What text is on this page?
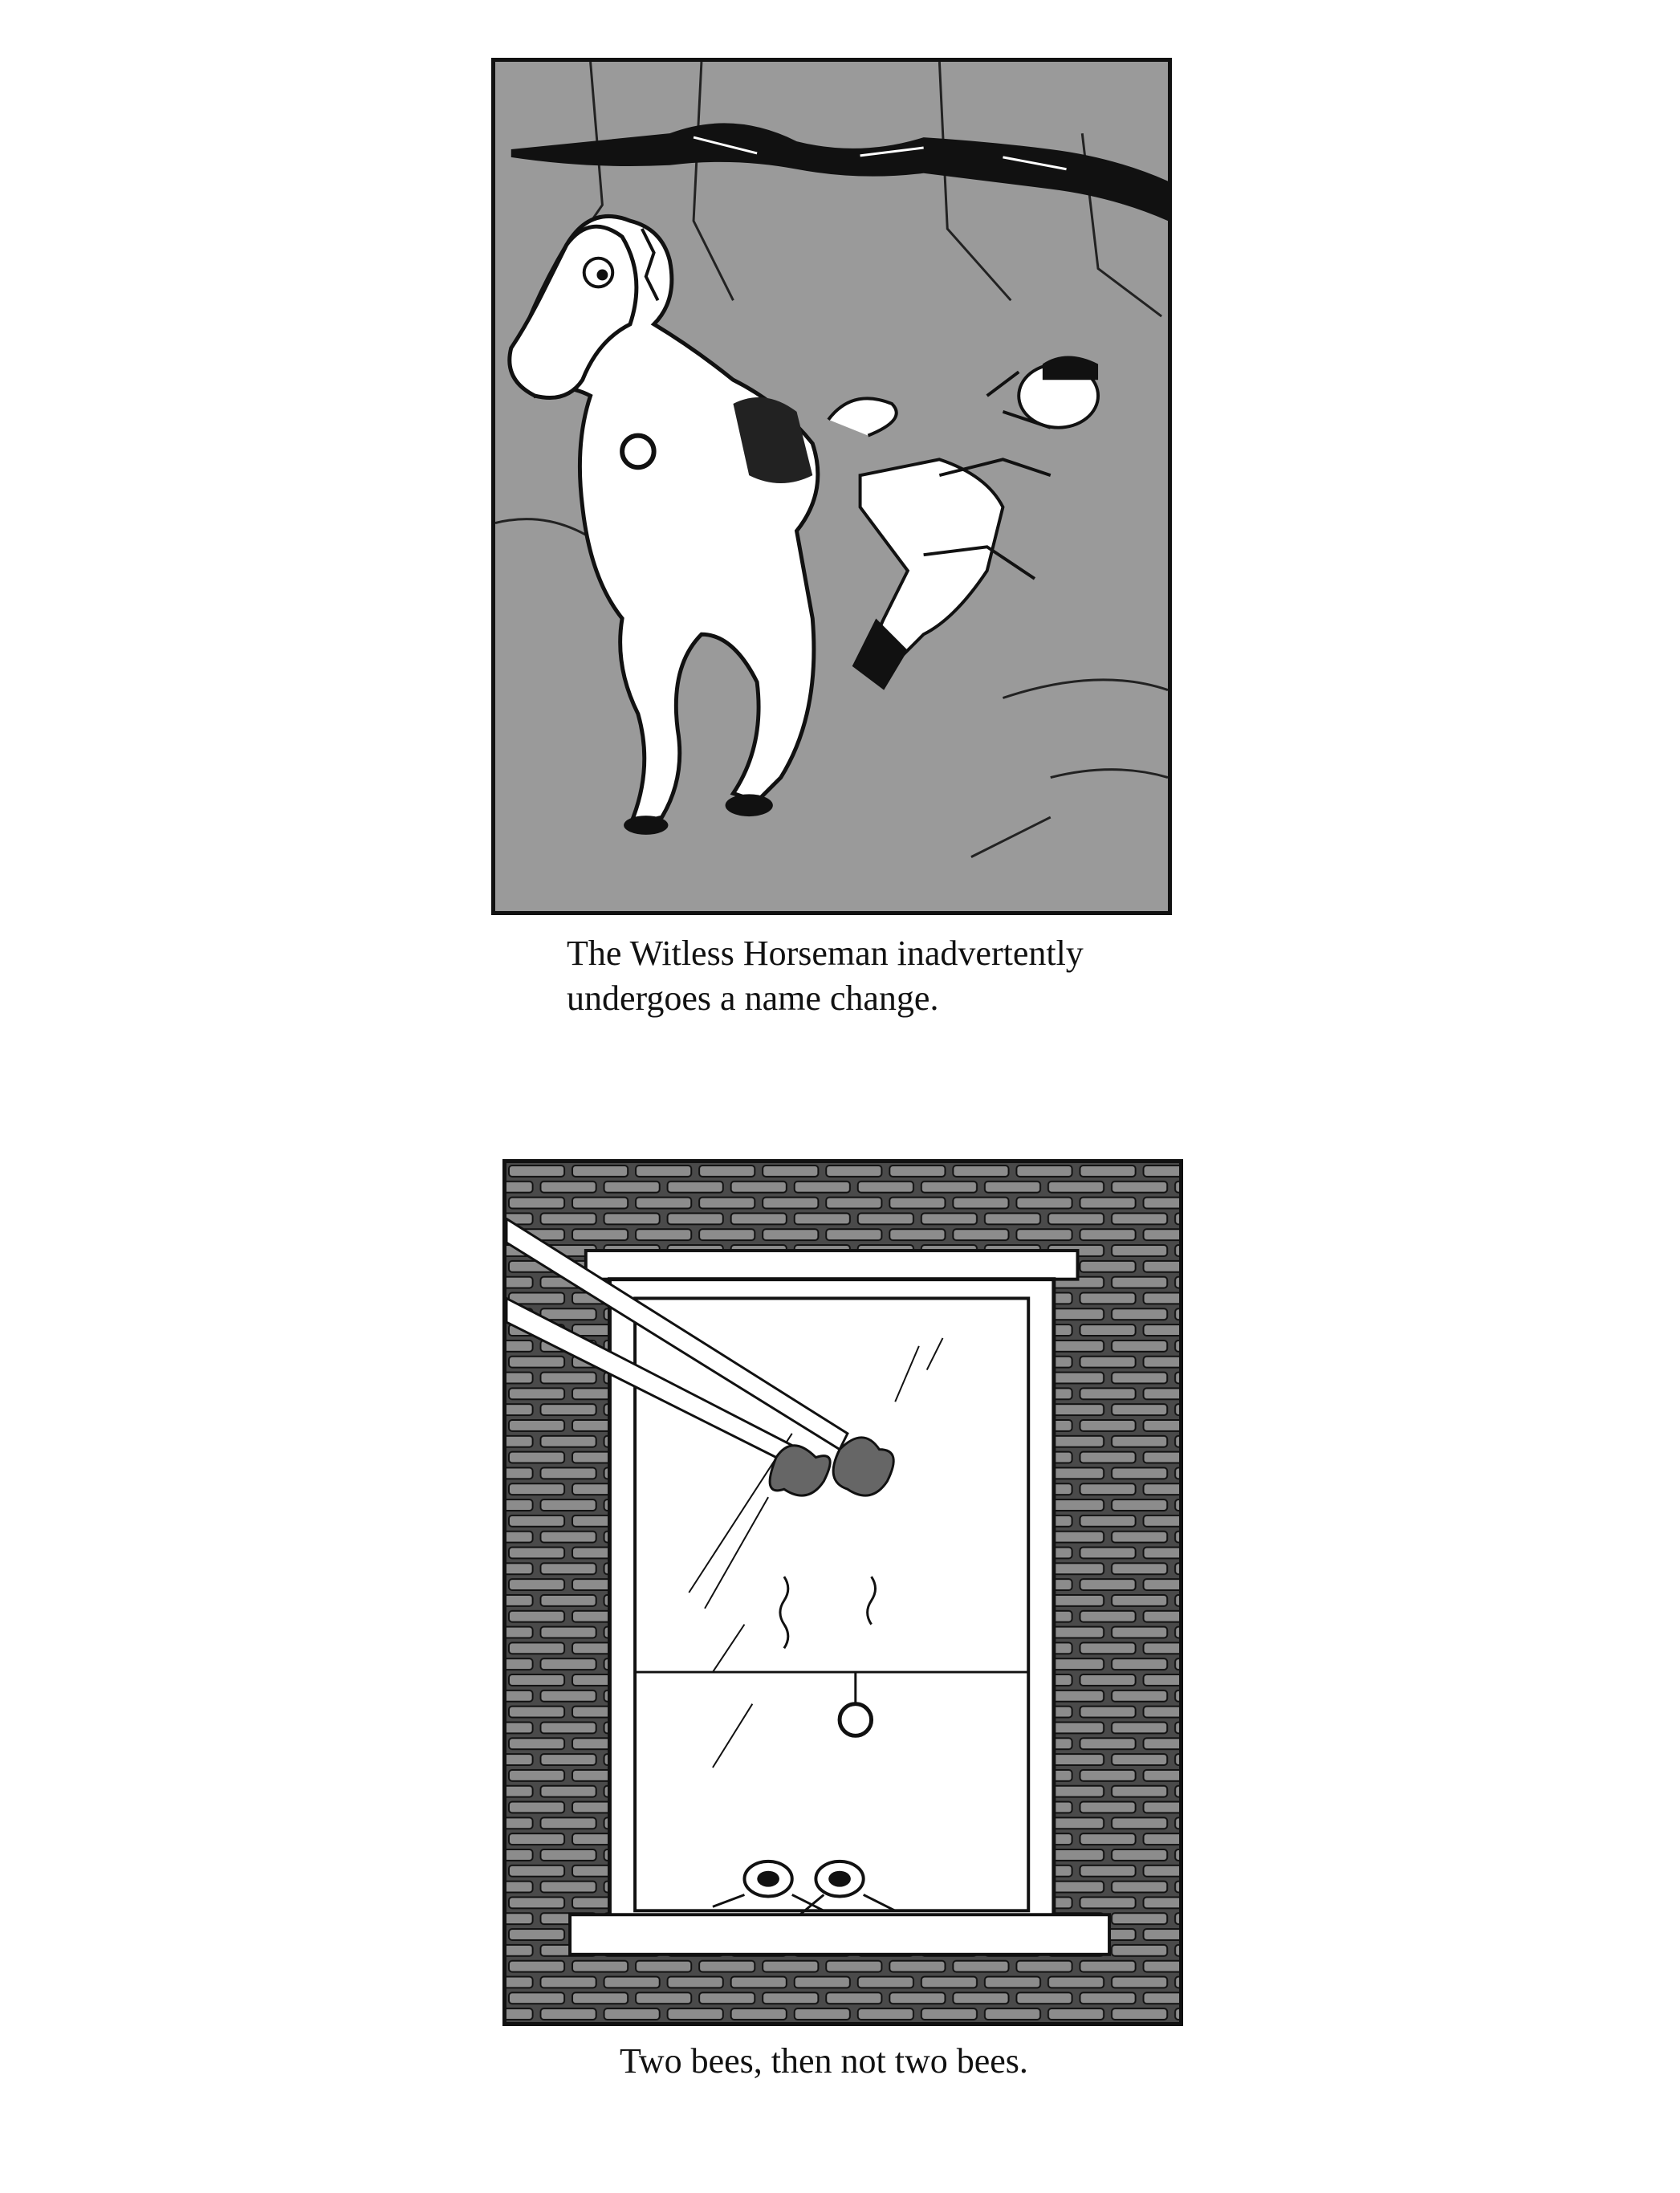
The Witless Horseman inadvertently
undergoes a name change.
Two bees, then not two bees.
